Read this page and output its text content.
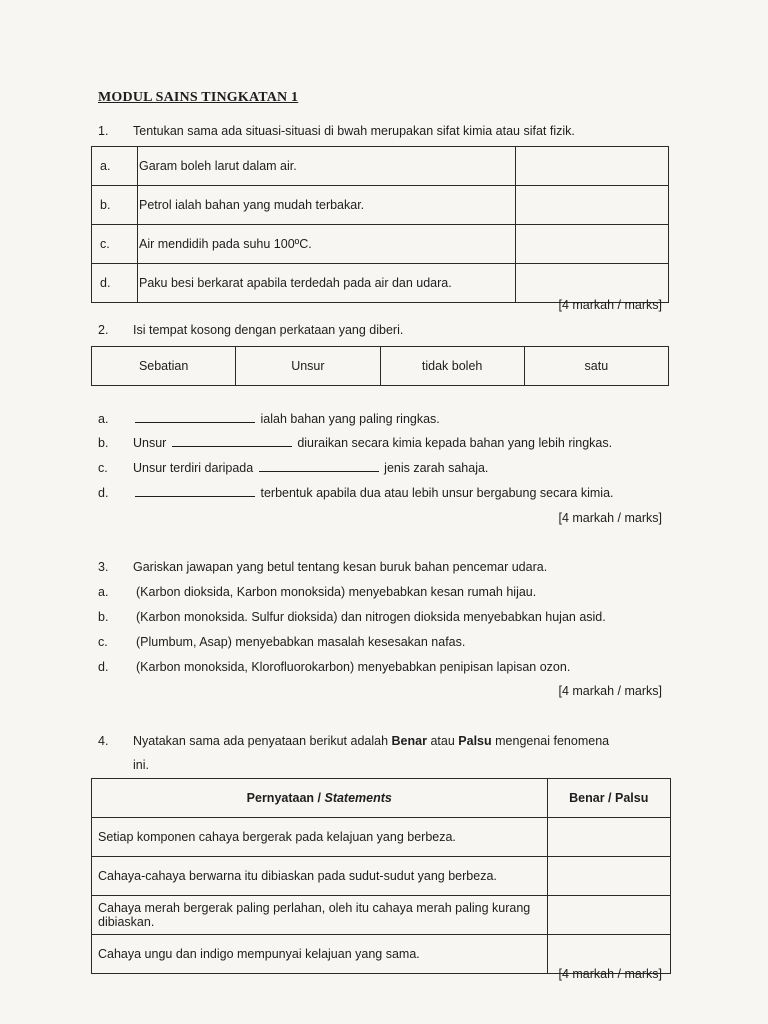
MODUL SAINS TINGKATAN 1
1. Tentukan sama ada situasi-situasi di bwah merupakan sifat kimia atau sifat fizik.
a.	Garam boleh larut dalam air.	
b.	Petrol ialah bahan yang mudah terbakar.	
c.	Air mendidih pada suhu 100ºC.	
d.	Paku besi berkarat apabila terdedah pada air dan udara.	
[4 markah / marks]
2. Isi tempat kosong dengan perkataan yang diberi.
Sebatian	Unsur	tidak boleh	satu
a.	ialah bahan yang paling ringkas.
b. Unsur	diuraikan secara kimia kepada bahan yang lebih ringkas.
c. Unsur terdiri daripada	jenis zarah sahaja.
d.	terbentuk apabila dua atau lebih unsur bergabung secara kimia.
[4 markah / marks]
3. Gariskan jawapan yang betul tentang kesan buruk bahan pencemar udara.
a. (Karbon dioksida, Karbon monoksida) menyebabkan kesan rumah hijau.
b. (Karbon monoksida. Sulfur dioksida) dan nitrogen dioksida menyebabkan hujan asid.
c. (Plumbum, Asap) menyebabkan masalah kesesakan nafas.
d. (Karbon monoksida, Klorofluorokarbon) menyebabkan penipisan lapisan ozon.
[4 markah / marks]
4. Nyatakan sama ada penyataan berikut adalah Benar atau Palsu mengenai fenomena
ini.
Pernyataan / Statements	Benar / Palsu
Setiap komponen cahaya bergerak pada kelajuan yang berbeza.	
Cahaya-cahaya berwarna itu dibiaskan pada sudut-sudut yang berbeza.	
Cahaya merah bergerak paling perlahan, oleh itu cahaya merah paling kurang dibiaskan.	
Cahaya ungu dan indigo mempunyai kelajuan yang sama.	
[4 markah / marks]
